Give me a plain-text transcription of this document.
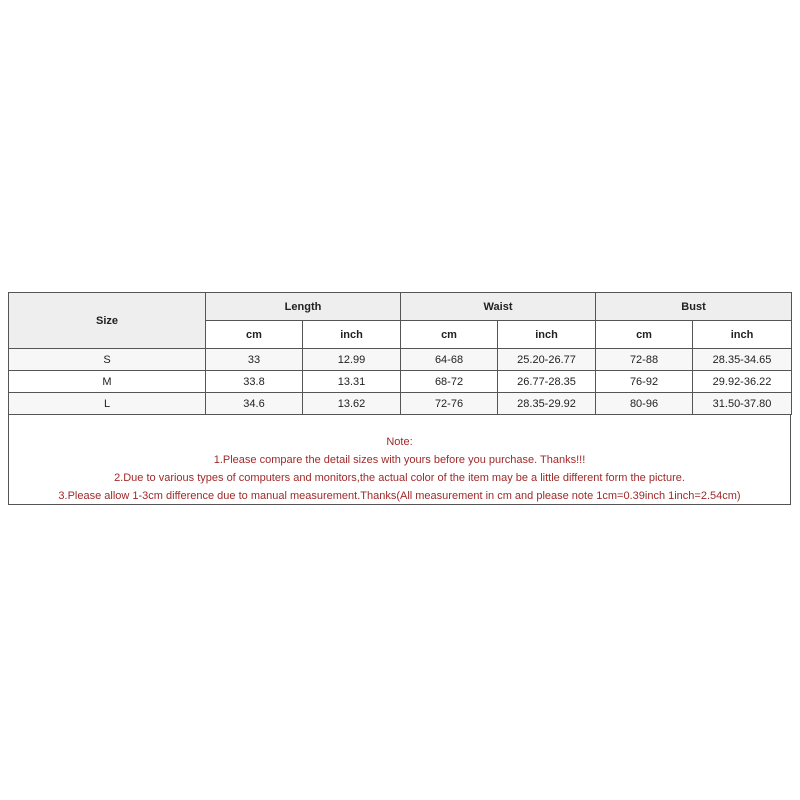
Size	Length		Waist		Bust	
	cm	inch	cm	inch	cm	inch
S	33	12.99	64-68	25.20-26.77	72-88	28.35-34.65
M	33.8	13.31	68-72	26.77-28.35	76-92	29.92-36.22
L	34.6	13.62	72-76	28.35-29.92	80-96	31.50-37.80
Note:
1.Please compare the detail sizes with yours before you purchase. Thanks!!!
2.Due to various types of computers and monitors,the actual color of the item may be a little different form the picture.
3.Please allow 1-3cm difference due to manual measurement.Thanks(All measurement in cm and please note 1cm=0.39inch 1inch=2.54cm)
